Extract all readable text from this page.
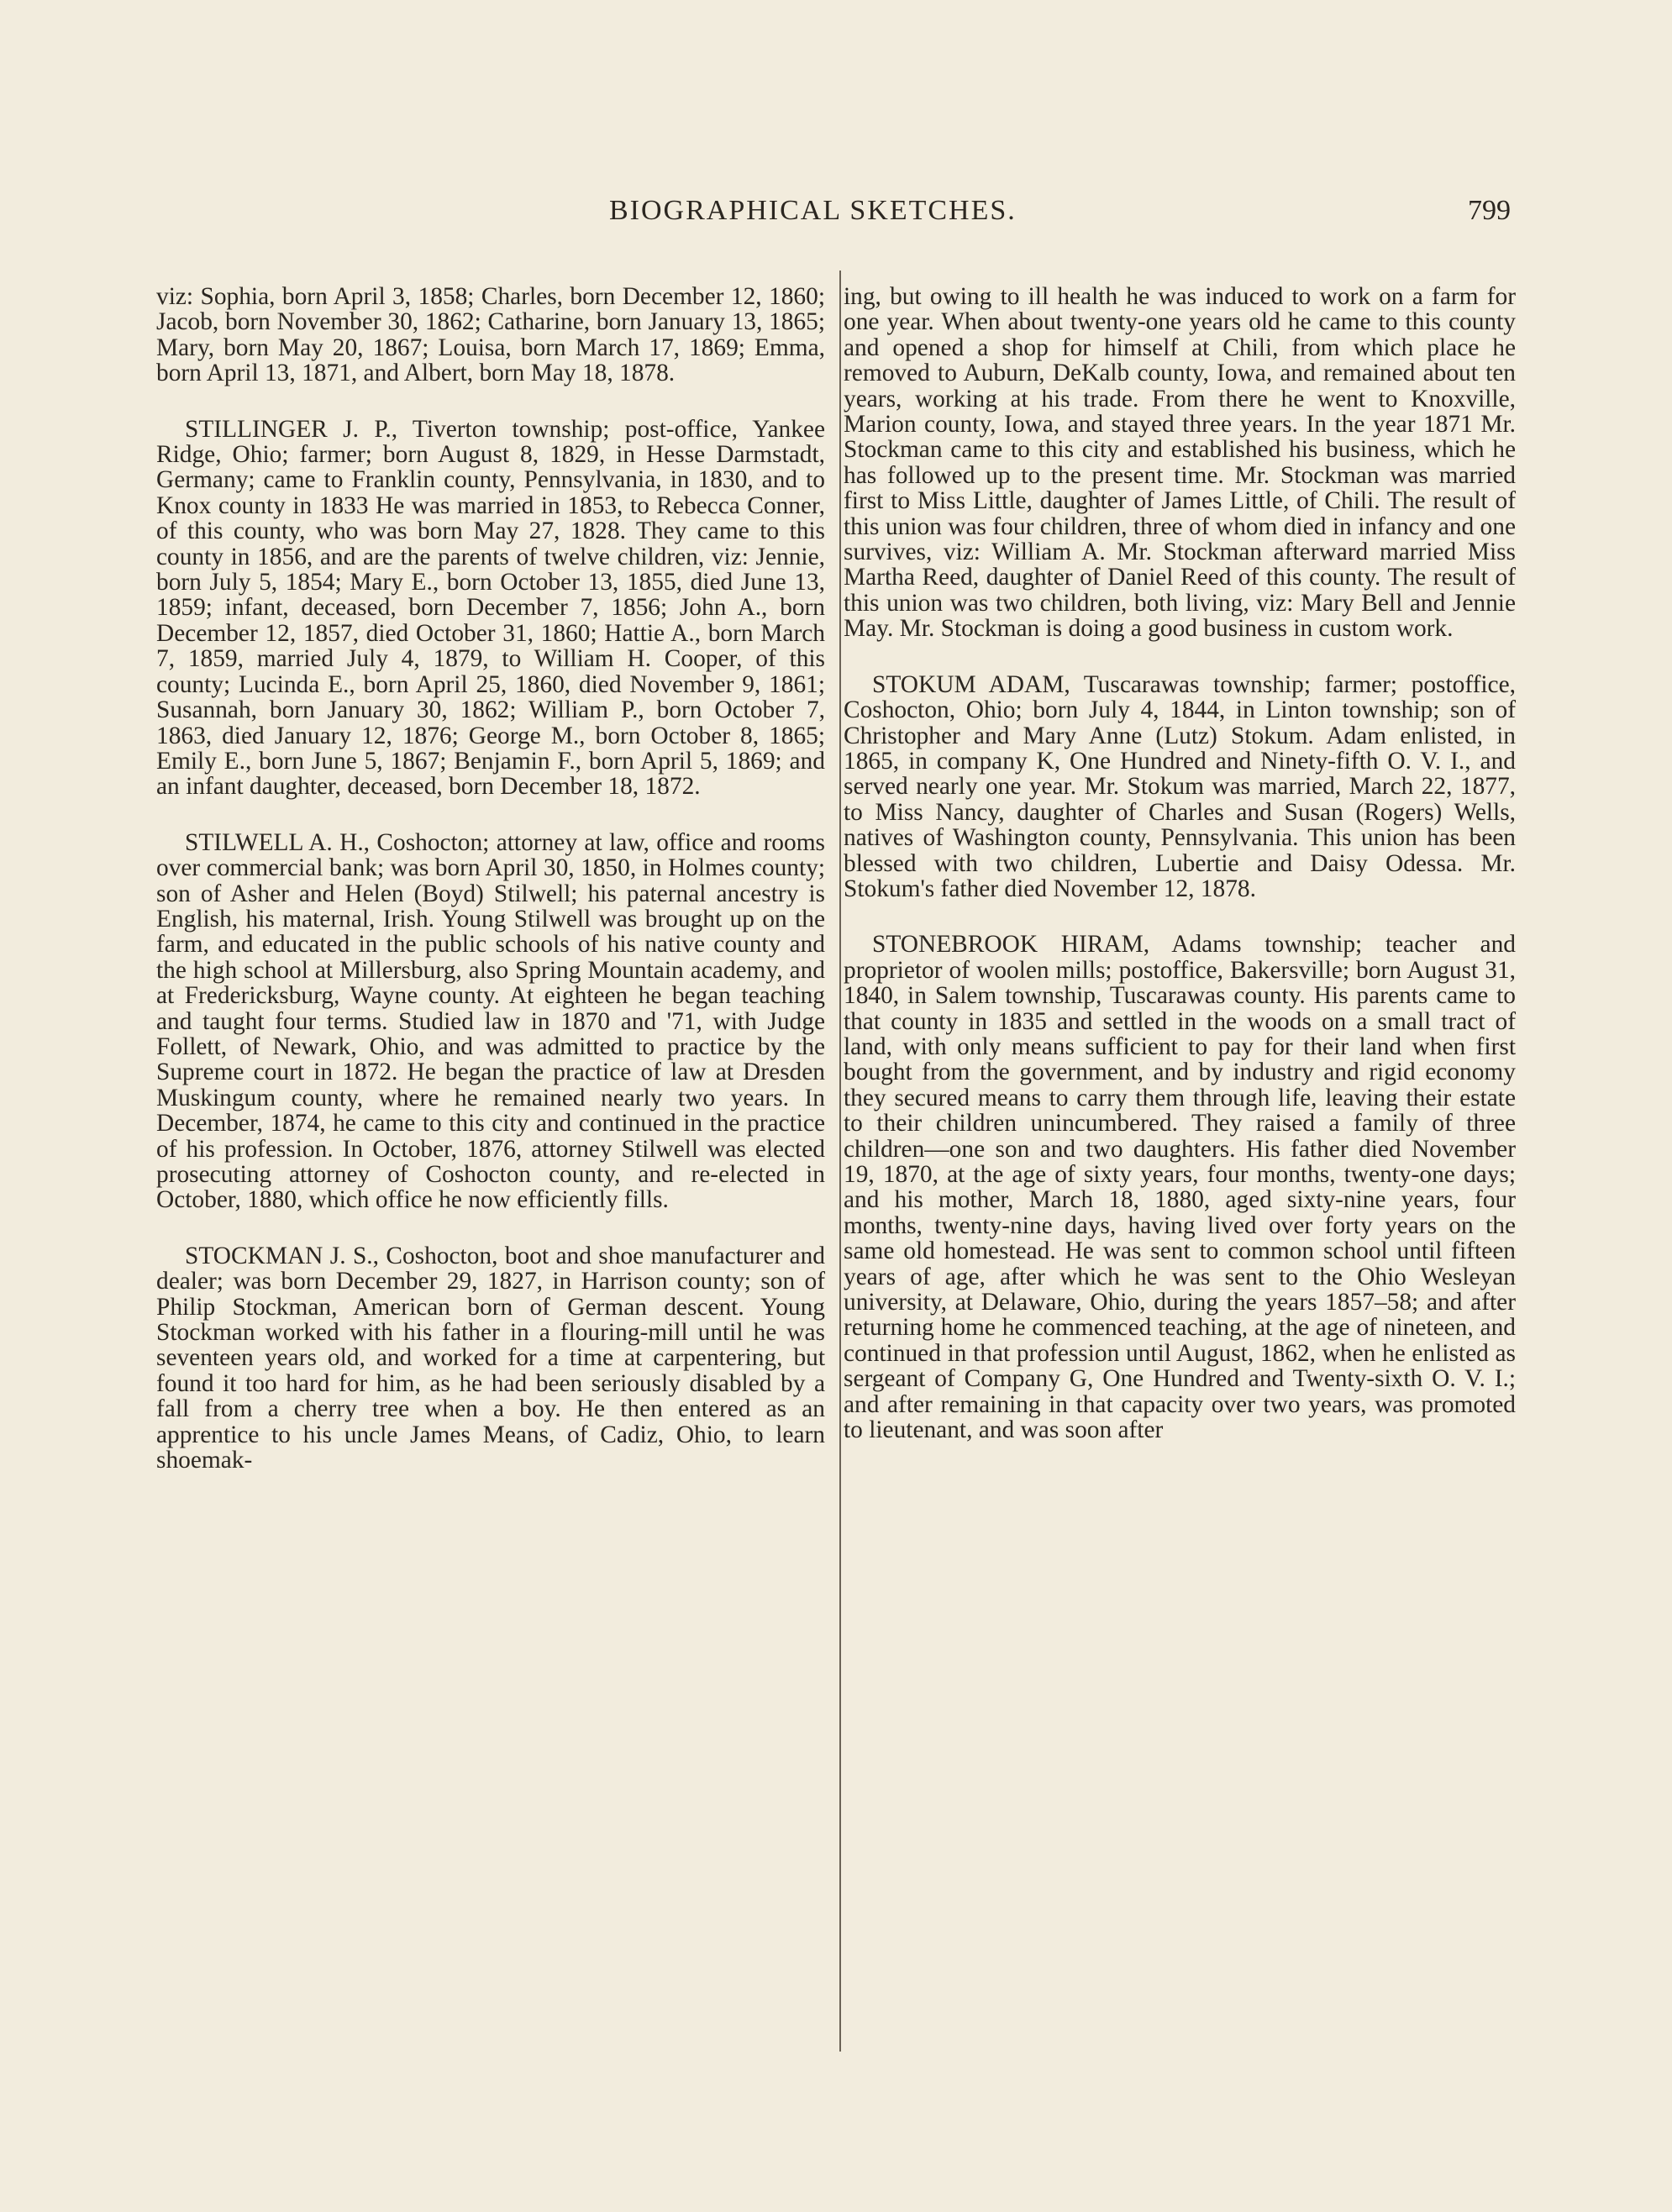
BIOGRAPHICAL SKETCHES.	799

viz: Sophia, born April 3, 1858; Charles, born December 12, 1860; Jacob, born November 30, 1862; Catharine, born January 13, 1865; Mary, born May 20, 1867; Louisa, born March 17, 1869; Emma, born April 13, 1871, and Albert, born May 18, 1878.

STILLINGER J. P., Tiverton township; post-office, Yankee Ridge, Ohio; farmer; born August 8, 1829, in Hesse Darmstadt, Germany; came to Franklin county, Pennsylvania, in 1830, and to Knox county in 1833 He was married in 1853, to Rebecca Conner, of this county, who was born May 27, 1828. They came to this county in 1856, and are the parents of twelve children, viz: Jennie, born July 5, 1854; Mary E., born October 13, 1855, died June 13, 1859; infant, deceased, born December 7, 1856; John A., born December 12, 1857, died October 31, 1860; Hattie A., born March 7, 1859, married July 4, 1879, to William H. Cooper, of this county; Lucinda E., born April 25, 1860, died November 9, 1861; Susannah, born January 30, 1862; William P., born October 7, 1863, died January 12, 1876; George M., born October 8, 1865; Emily E., born June 5, 1867; Benjamin F., born April 5, 1869; and an infant daughter, deceased, born December 18, 1872.

STILWELL A. H., Coshocton; attorney at law, office and rooms over commercial bank; was born April 30, 1850, in Holmes county; son of Asher and Helen (Boyd) Stilwell; his paternal ancestry is English, his maternal, Irish. Young Stilwell was brought up on the farm, and educated in the public schools of his native county and the high school at Millersburg, also Spring Mountain academy, and at Fredericksburg, Wayne county. At eighteen he began teaching and taught four terms. Studied law in 1870 and '71, with Judge Follett, of Newark, Ohio, and was admitted to practice by the Supreme court in 1872. He began the practice of law at Dresden Muskingum county, where he remained nearly two years. In December, 1874, he came to this city and continued in the practice of his profession. In October, 1876, attorney Stilwell was elected prosecuting attorney of Coshocton county, and re-elected in October, 1880, which office he now efficiently fills.

STOCKMAN J. S., Coshocton, boot and shoe manufacturer and dealer; was born December 29, 1827, in Harrison county; son of Philip Stockman, American born of German descent. Young Stockman worked with his father in a flouring-mill until he was seventeen years old, and worked for a time at carpentering, but found it too hard for him, as he had been seriously disabled by a fall from a cherry tree when a boy. He then entered as an apprentice to his uncle James Means, of Cadiz, Ohio, to learn shoemak-

ing, but owing to ill health he was induced to work on a farm for one year. When about twenty-one years old he came to this county and opened a shop for himself at Chili, from which place he removed to Auburn, DeKalb county, Iowa, and remained about ten years, working at his trade. From there he went to Knoxville, Marion county, Iowa, and stayed three years. In the year 1871 Mr. Stockman came to this city and established his business, which he has followed up to the present time. Mr. Stockman was married first to Miss Little, daughter of James Little, of Chili. The result of this union was four children, three of whom died in infancy and one survives, viz: William A. Mr. Stockman afterward married Miss Martha Reed, daughter of Daniel Reed of this county. The result of this union was two children, both living, viz: Mary Bell and Jennie May. Mr. Stockman is doing a good business in custom work.

STOKUM ADAM, Tuscarawas township; farmer; postoffice, Coshocton, Ohio; born July 4, 1844, in Linton township; son of Christopher and Mary Anne (Lutz) Stokum. Adam enlisted, in 1865, in company K, One Hundred and Ninety-fifth O. V. I., and served nearly one year. Mr. Stokum was married, March 22, 1877, to Miss Nancy, daughter of Charles and Susan (Rogers) Wells, natives of Washington county, Pennsylvania. This union has been blessed with two children, Lubertie and Daisy Odessa. Mr. Stokum's father died November 12, 1878.

STONEBROOK HIRAM, Adams township; teacher and proprietor of woolen mills; postoffice, Bakersville; born August 31, 1840, in Salem township, Tuscarawas county. His parents came to that county in 1835 and settled in the woods on a small tract of land, with only means sufficient to pay for their land when first bought from the government, and by industry and rigid economy they secured means to carry them through life, leaving their estate to their children unincumbered. They raised a family of three children—one son and two daughters. His father died November 19, 1870, at the age of sixty years, four months, twenty-one days; and his mother, March 18, 1880, aged sixty-nine years, four months, twenty-nine days, having lived over forty years on the same old homestead. He was sent to common school until fifteen years of age, after which he was sent to the Ohio Wesleyan university, at Delaware, Ohio, during the years 1857–58; and after returning home he commenced teaching, at the age of nineteen, and continued in that profession until August, 1862, when he enlisted as sergeant of Company G, One Hundred and Twenty-sixth O. V. I.; and after remaining in that capacity over two years, was promoted to lieutenant, and was soon after
